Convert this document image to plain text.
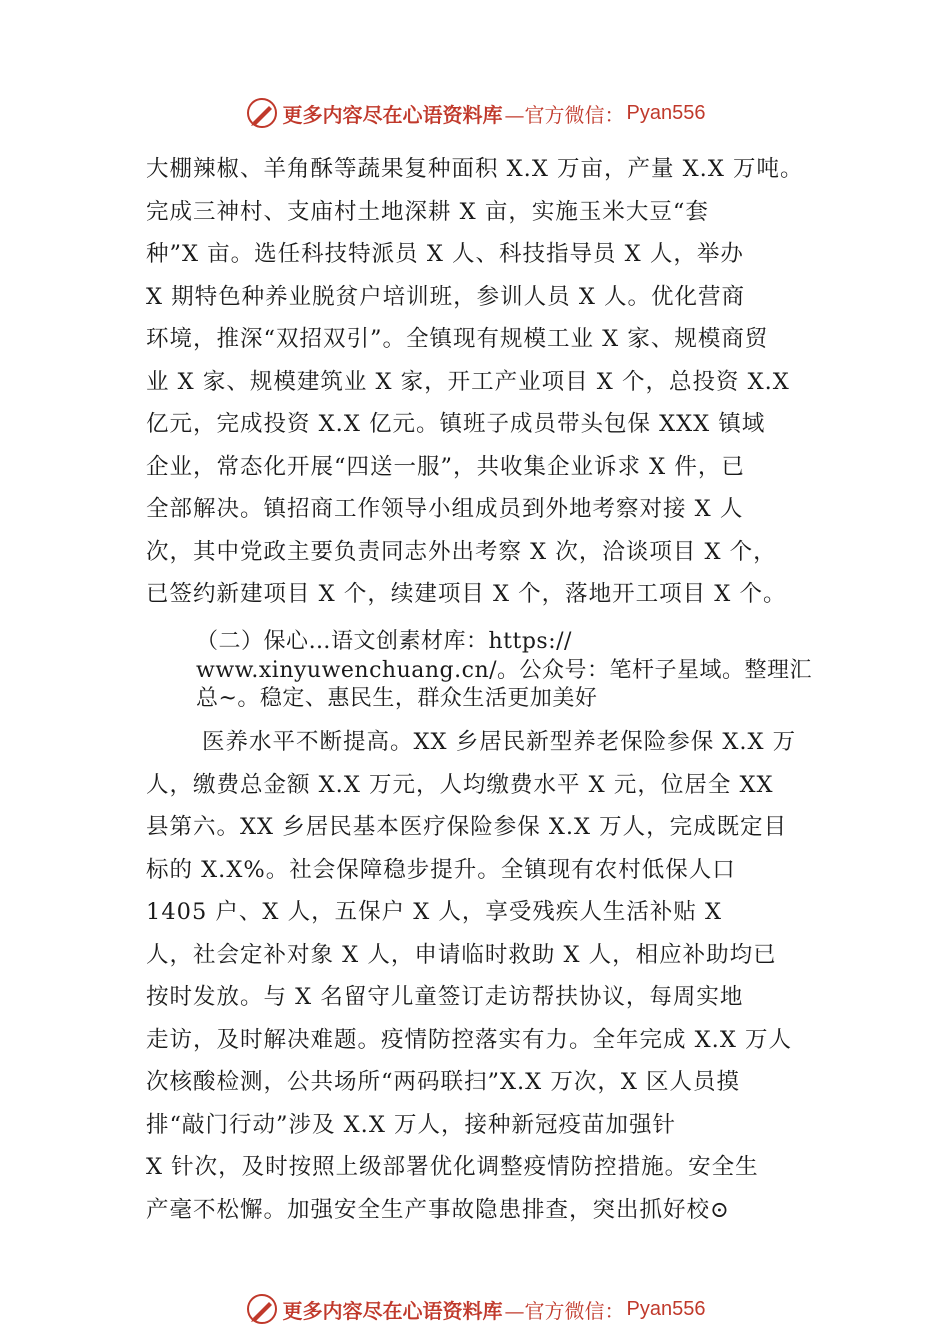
更多内容尽在心语资料库 —官方微信： Pyan556
大棚辣椒、羊角酥等蔬果复种面积 X.X 万亩，产量 X.X 万吨。
完成三神村、支庙村土地深耕 X 亩，实施玉米大豆“套
种”X 亩。选任科技特派员 X 人、科技指导员 X 人，举办
X 期特色种养业脱贫户培训班，参训人员 X 人。优化营商
环境，推深“双招双引”。全镇现有规模工业 X 家、规模商贸
业 X 家、规模建筑业 X 家，开工产业项目 X 个，总投资 X.X
亿元，完成投资 X.X 亿元。镇班子成员带头包保 XXX 镇域
企业，常态化开展“四送一服”，共收集企业诉求 X 件，已
全部解决。镇招商工作领导小组成员到外地考察对接 X 人
次，其中党政主要负责同志外出考察 X 次，洽谈项目 X 个，
已签约新建项目 X 个，续建项目 X 个，落地开工项目 X 个。
（二）保心…语文创素材库：https://
www.xinyuwenchuang.cn/。公众号：笔杆子星域。整理汇
总~。稳定、惠民生，群众生活更加美好
医养水平不断提高。XX 乡居民新型养老保险参保 X.X 万
人，缴费总金额 X.X 万元，人均缴费水平 X 元，位居全 XX
县第六。XX 乡居民基本医疗保险参保 X.X 万人，完成既定目
标的 X.X%。社会保障稳步提升。全镇现有农村低保人口
1405 户、X 人，五保户 X 人，享受残疾人生活补贴 X
人，社会定补对象 X 人，申请临时救助 X 人，相应补助均已
按时发放。与 X 名留守儿童签订走访帮扶协议，每周实地
走访，及时解决难题。疫情防控落实有力。全年完成 X.X 万人
次核酸检测，公共场所“两码联扫”X.X 万次，X 区人员摸
排“敲门行动”涉及 X.X 万人，接种新冠疫苗加强针
X 针次，及时按照上级部署优化调整疫情防控措施。安全生
产毫不松懈。加强安全生产事故隐患排查，突出抓好校⊙
更多内容尽在心语资料库 —官方微信： Pyan556
